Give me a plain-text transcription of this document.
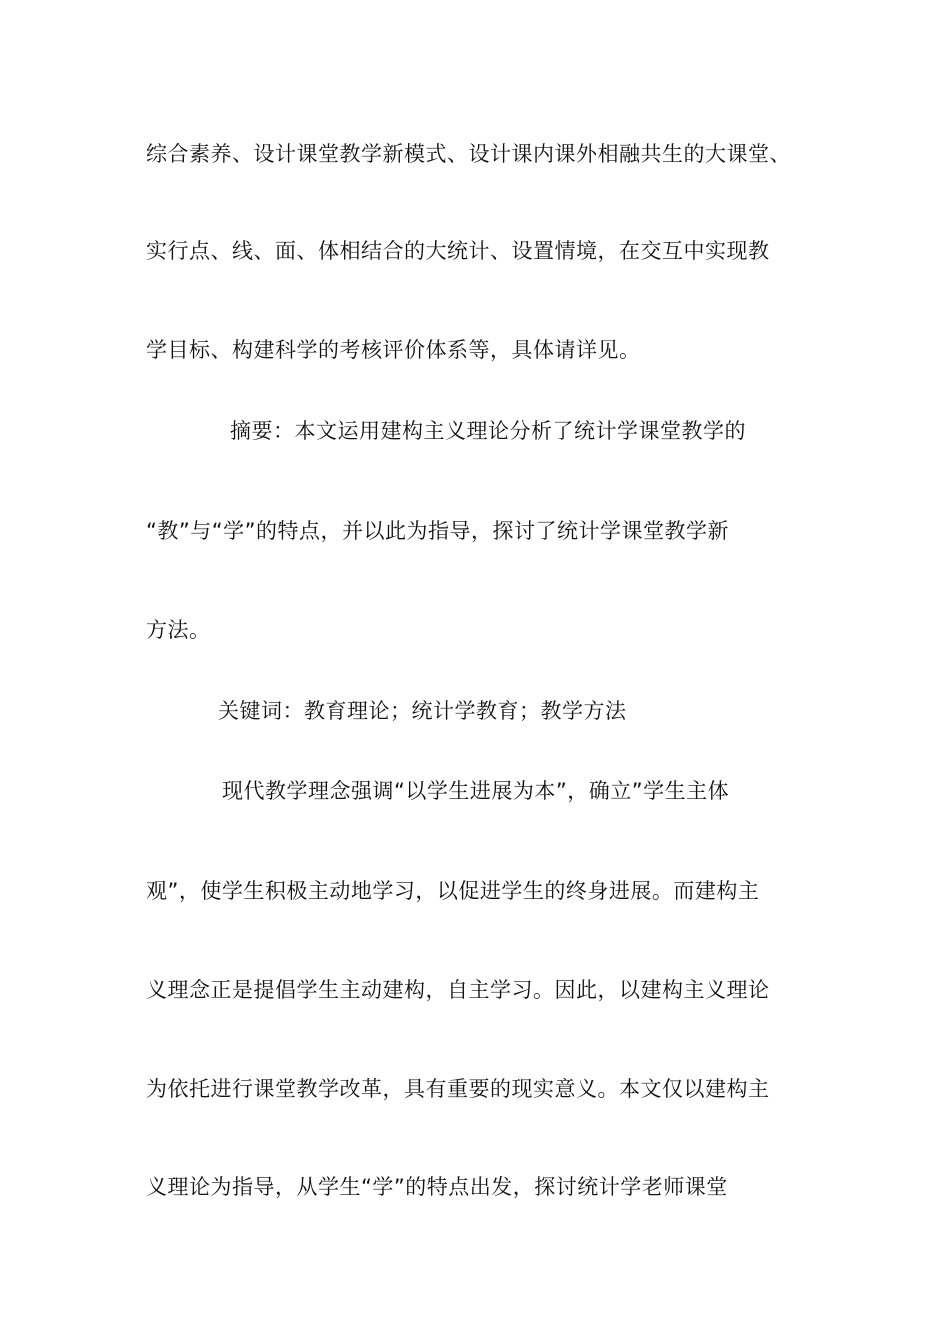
综合素养、设计课堂教学新模式、设计课内课外相融共生的大课堂、
实行点、线、面、体相结合的大统计、设置情境，在交互中实现教
学目标、构建科学的考核评价体系等，具体请详见。
摘要：本文运用建构主义理论分析了统计学课堂教学的
“教”与“学”的特点，并以此为指导，探讨了统计学课堂教学新
方法。
关键词：教育理论；统计学教育；教学方法
现代教学理念强调“以学生进展为本”，确立”学生主体
观”，使学生积极主动地学习，以促进学生的终身进展。而建构主
义理念正是提倡学生主动建构，自主学习。因此，以建构主义理论
为依托进行课堂教学改革，具有重要的现实意义。本文仅以建构主
义理论为指导，从学生“学”的特点出发，探讨统计学老师课堂
